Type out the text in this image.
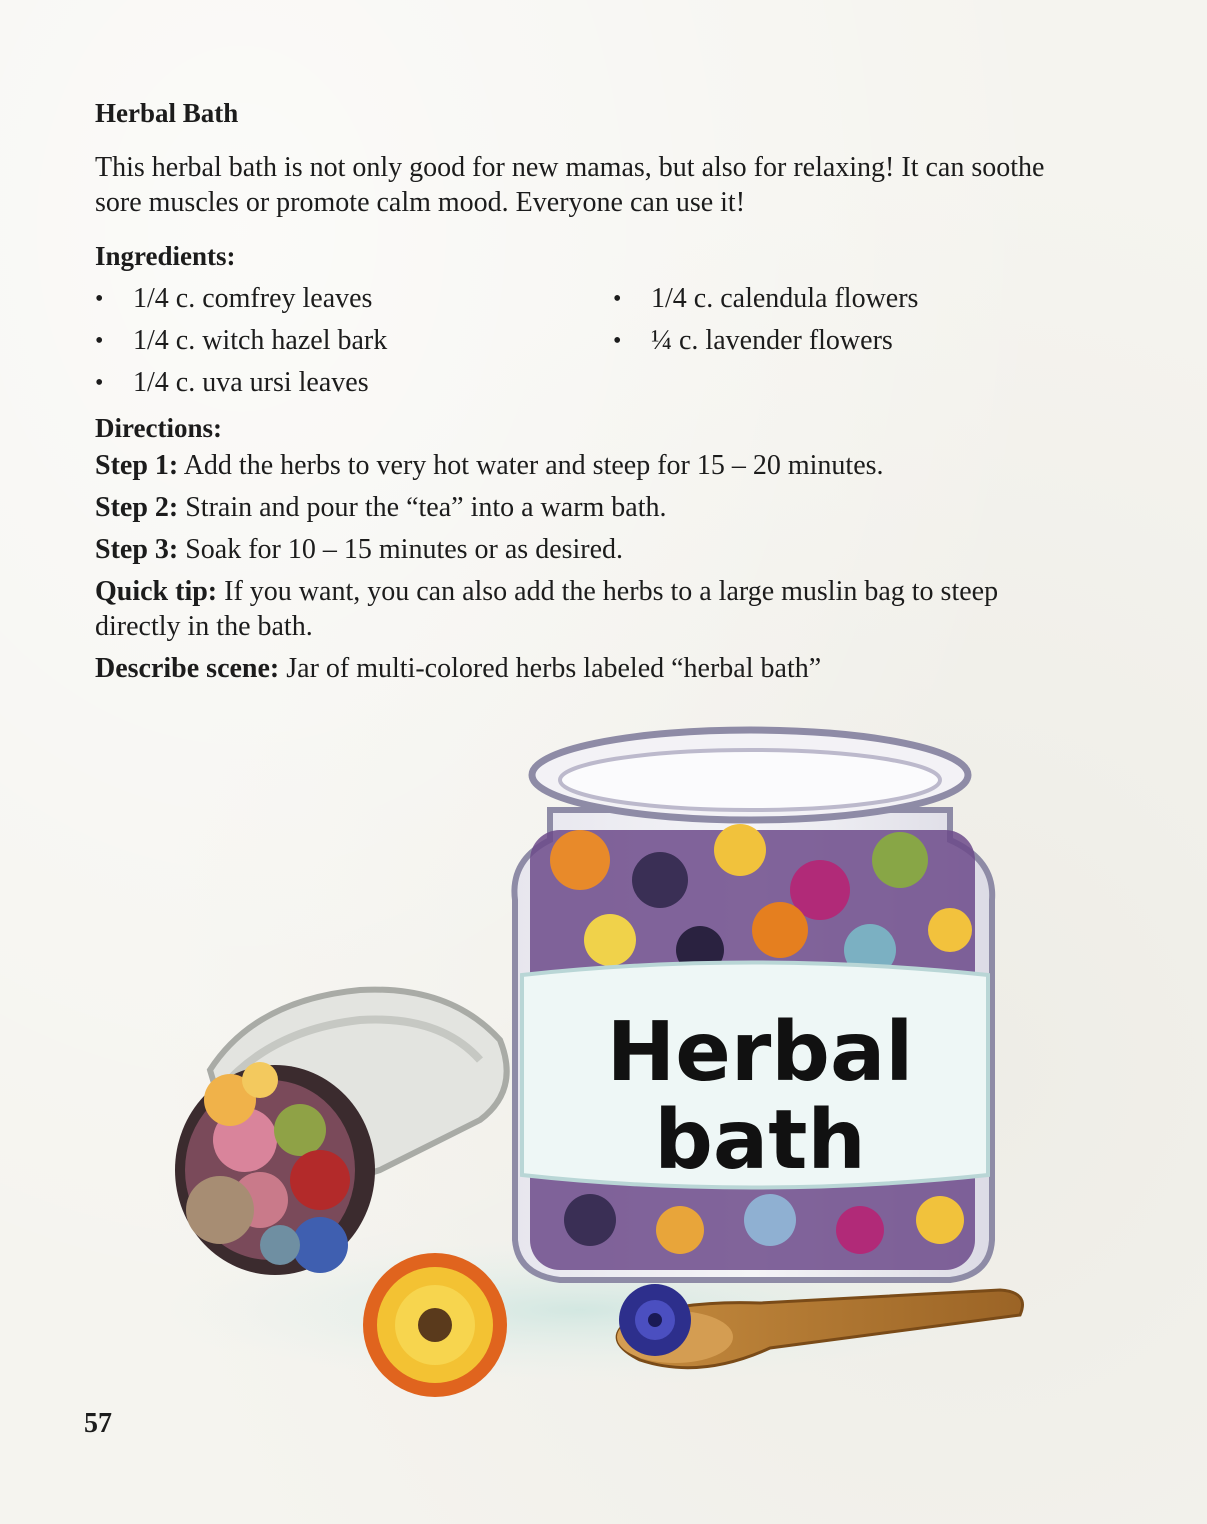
Herbal Bath

This herbal bath is not only good for new mamas, but also for relaxing! It can soothe sore muscles or promote calm mood. Everyone can use it!

Ingredients:
• 1/4 c. comfrey leaves	• 1/4 c. calendula flowers
• 1/4 c. witch hazel bark	• ¼ c. lavender flowers
• 1/4 c. uva ursi leaves
Directions:

Step 1: Add the herbs to very hot water and steep for 15 – 20 minutes.

Step 2: Strain and pour the “tea” into a warm bath.

Step 3: Soak for 10 – 15 minutes or as desired.

Quick tip: If you want, you can also add the herbs to a large muslin bag to steep directly in the bath.

Describe scene: Jar of multi-colored herbs labeled “herbal bath”

Herbal
bath
57
